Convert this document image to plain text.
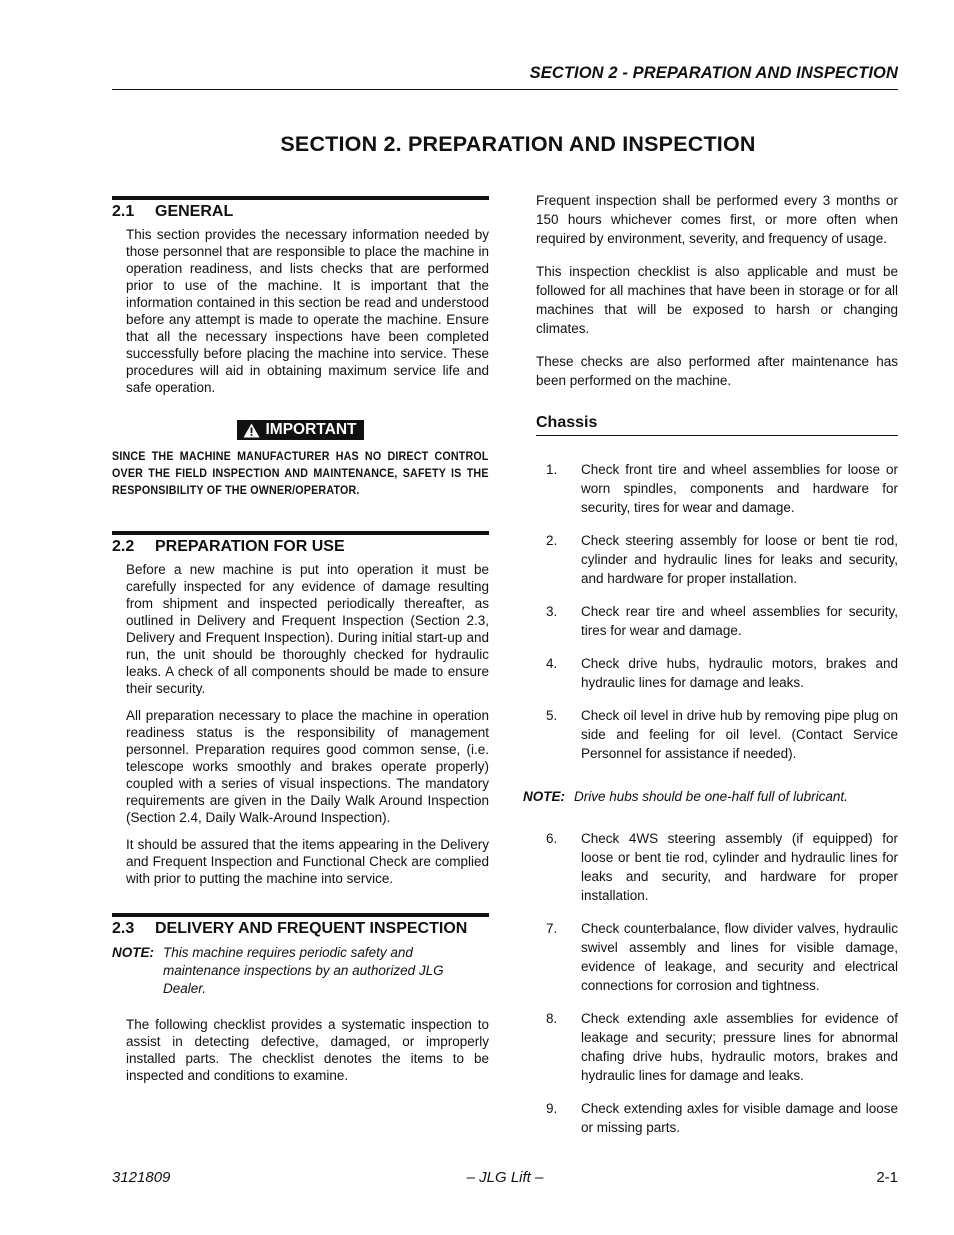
SECTION 2 - PREPARATION AND INSPECTION
SECTION 2. PREPARATION AND INSPECTION
2.1	GENERAL

This section provides the necessary information needed by those personnel that are responsible to place the machine in operation readiness, and lists checks that are performed prior to use of the machine. It is important that the information contained in this section be read and understood before any attempt is made to operate the machine. Ensure that all the necessary inspections have been completed successfully before placing the machine into service. These procedures will aid in obtaining maximum service life and safe operation.

IMPORTANT
SINCE THE MACHINE MANUFACTURER HAS NO DIRECT CONTROL OVER THE FIELD INSPECTION AND MAINTENANCE, SAFETY IS THE RESPONSIBILITY OF THE OWNER/OPERATOR.
2.2	PREPARATION FOR USE

Before a new machine is put into operation it must be carefully inspected for any evidence of damage resulting from shipment and inspected periodically thereafter, as outlined in Delivery and Frequent Inspection (Section 2.3, Delivery and Frequent Inspection). During initial start-up and run, the unit should be thoroughly checked for hydraulic leaks. A check of all components should be made to ensure their security.

All preparation necessary to place the machine in operation readiness status is the responsibility of management personnel. Preparation requires good common sense, (i.e. telescope works smoothly and brakes operate properly) coupled with a series of visual inspections. The mandatory requirements are given in the Daily Walk Around Inspection (Section 2.4, Daily Walk-Around Inspection).

It should be assured that the items appearing in the Delivery and Frequent Inspection and Functional Check are complied with prior to putting the machine into service.

2.3	DELIVERY AND FREQUENT INSPECTION
NOTE: This machine requires periodic safety and maintenance inspections by an authorized JLG Dealer.

The following checklist provides a systematic inspection to assist in detecting defective, damaged, or improperly installed parts. The checklist denotes the items to be inspected and conditions to examine.

Frequent inspection shall be performed every 3 months or 150 hours whichever comes first, or more often when required by environment, severity, and frequency of usage.

This inspection checklist is also applicable and must be followed for all machines that have been in storage or for all machines that will be exposed to harsh or changing climates.

These checks are also performed after maintenance has been performed on the machine.

Chassis
1.	Check front tire and wheel assemblies for loose or worn spindles, components and hardware for security, tires for wear and damage.
2.	Check steering assembly for loose or bent tie rod, cylinder and hydraulic lines for leaks and security, and hardware for proper installation.
3.	Check rear tire and wheel assemblies for security, tires for wear and damage.
4.	Check drive hubs, hydraulic motors, brakes and hydraulic lines for damage and leaks.
5.	Check oil level in drive hub by removing pipe plug on side and feeling for oil level. (Contact Service Personnel for assistance if needed).
NOTE: Drive hubs should be one-half full of lubricant.
6.	Check 4WS steering assembly (if equipped) for loose or bent tie rod, cylinder and hydraulic lines for leaks and security, and hardware for proper installation.
7.	Check counterbalance, flow divider valves, hydraulic swivel assembly and lines for visible damage, evidence of leakage, and security and electrical connections for corrosion and tightness.
8.	Check extending axle assemblies for evidence of leakage and security; pressure lines for abnormal chafing drive hubs, hydraulic motors, brakes and hydraulic lines for damage and leaks.
9.	Check extending axles for visible damage and loose or missing parts.
3121809	– JLG Lift –	2-1
